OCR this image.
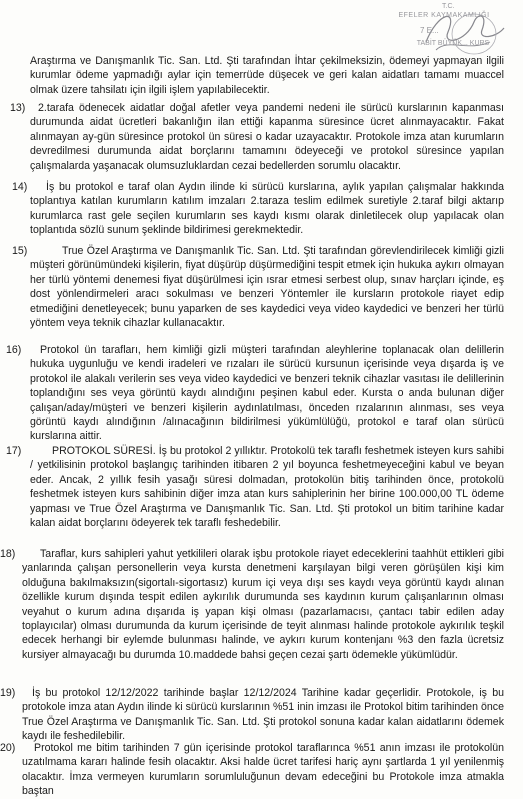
T.C.
EFELER KAYMAKAMLIĞI
7 E...
TABİT BÜYÜK... KURS

Araştırma ve Danışmanlık Tic. San. Ltd. Şti tarafından İhtar çekilmeksizin, ödemeyi yapmayan ilgili kurumlar ödeme yapmadığı aylar için temerrüde düşecek ve geri kalan aidatları tamamı muaccel olmak üzere tahsilatı için ilgili işlem yapılabilecektir.

13)	2.tarafa ödenecek aidatlar doğal afetler veya pandemi nedeni ile sürücü kurslarının kapanması durumunda aidat ücretleri bakanlığın ilan ettiği kapanma süresince ücret alınmayacaktır. Fakat alınmayan ay-gün süresince protokol ün süresi o kadar uzayacaktır. Protokole imza atan kurumların devredilmesi durumunda aidat borçlarını tamamını ödeyeceği ve protokol süresince yapılan çalışmalarda yaşanacak olumsuzluklardan cezai bedellerden sorumlu olacaktır.

14)	İş bu protokol e taraf olan Aydın ilinde ki sürücü kurslarına, aylık yapılan çalışmalar hakkında toplantıya katılan kurumların katılım imzaları 2.taraza teslim edilmek suretiyle 2.taraf bilgi aktarıp kurumlarca rast gele seçilen kurumların ses kaydı kısmı olarak dinletilecek olup yapılacak olan toplantıda sözlü sunum şeklinde bildirimesi gerekmektedir.

15)	True Özel Araştırma ve Danışmanlık Tic. San. Ltd. Şti tarafından görevlendirilecek kimliği gizli müşteri görünümündeki kişilerin, fiyat düşürüp düşürmediğini tespit etmek için hukuka aykırı olmayan her türlü yöntemi denemesi fiyat düşürülmesi için ısrar etmesi serbest olup, sınav harçları içinde, eş dost yönlendirmeleri aracı sokulması ve benzeri Yöntemler ile kursların protokole riayet edip etmediğini denetleyecek; bunu yaparken de ses kaydedici veya video kaydedici ve benzeri her türlü yöntem veya teknik cihazlar kullanacaktır.

16)	Protokol ün tarafları, hem kimliği gizli müşteri tarafından aleyhlerine toplanacak olan delillerin hukuka uygunluğu ve kendi iradeleri ve rızaları ile sürücü kursunun içerisinde veya dışarda iş ve protokol ile alakalı verilerin ses veya video kaydedici ve benzeri teknik cihazlar vasıtası ile delillerinin toplandığını ses veya görüntü kaydı alındığını peşinen kabul eder. Kursta o anda bulunan diğer çalışan/aday/müşteri ve benzeri kişilerin aydınlatılması, önceden rızalarının alınması, ses veya görüntü kaydı alındığının /alınacağının bildirilmesi yükümlülüğü, protokol e taraf olan sürücü kurslarına aittir.

17)	PROTOKOL SÜRESİ. İş bu protokol 2 yıllıktır. Protokolü tek taraflı feshetmek isteyen kurs sahibi / yetkilisinin protokol başlangıç tarihinden itibaren 2 yıl boyunca feshetmeyeceğini kabul ve beyan eder. Ancak, 2 yıllık fesih yasağı süresi dolmadan, protokolün bitiş tarihinden önce, protokolü feshetmek isteyen kurs sahibinin diğer imza atan kurs sahiplerinin her birine 100.000,00 TL ödeme yapması ve True Özel Araştırma ve Danışmanlık Tic. San. Ltd. Şti protokol un bitim tarihine kadar kalan aidat borçlarını ödeyerek tek taraflı feshedebilir.

18)	Taraflar, kurs sahipleri yahut yetkilileri olarak işbu protokole riayet edeceklerini taahhüt ettikleri gibi yanlarında çalışan personellerin veya kursta denetmeni karşılayan bilgi veren görüşülen kişi kim olduğuna bakılmaksızın(sigortalı-sigortasız) kurum içi veya dışı ses kaydı veya görüntü kaydı alınan özellikle kurum dışında tespit edilen aykırılık durumunda ses kaydının kurum çalışanlarının olması veyahut o kurum adına dışarıda iş yapan kişi olması (pazarlamacısı, çantacı tabir edilen aday toplayıcılar) olması durumunda da kurum içerisinde de teyit alınması halinde protokole aykırılık teşkil edecek herhangi bir eylemde bulunması halinde, ve aykırı kurum kontenjanı %3 den fazla ücretsiz kursiyer almayacağı bu durumda 10.maddede bahsi geçen cezai şartı ödemekle yükümlüdür.

19)	İş bu protokol 12/12/2022 tarihinde başlar 12/12/2024 Tarihine kadar geçerlidir. Protokole, iş bu protokole imza atan Aydın ilinde ki sürücü kurslarının %51 inin imzası ile Protokol bitim tarihinden önce True Özel Araştırma ve Danışmanlık Tic. San. Ltd. Şti protokol sonuna kadar kalan aidatlarını ödemek kaydı ile feshedilebilir.

20)	Protokol me bitim tarihinden 7 gün içerisinde protokol taraflarınca %51 anın imzası ile protokolün uzatılmama kararı halinde fesih olacaktır. Aksi halde ücret tarifesi hariç aynı şartlarda 1 yıl yenilenmiş olacaktır. İmza vermeyen kurumların sorumluluğunun devam edeceğini bu Protokole imza atmakla baştan
